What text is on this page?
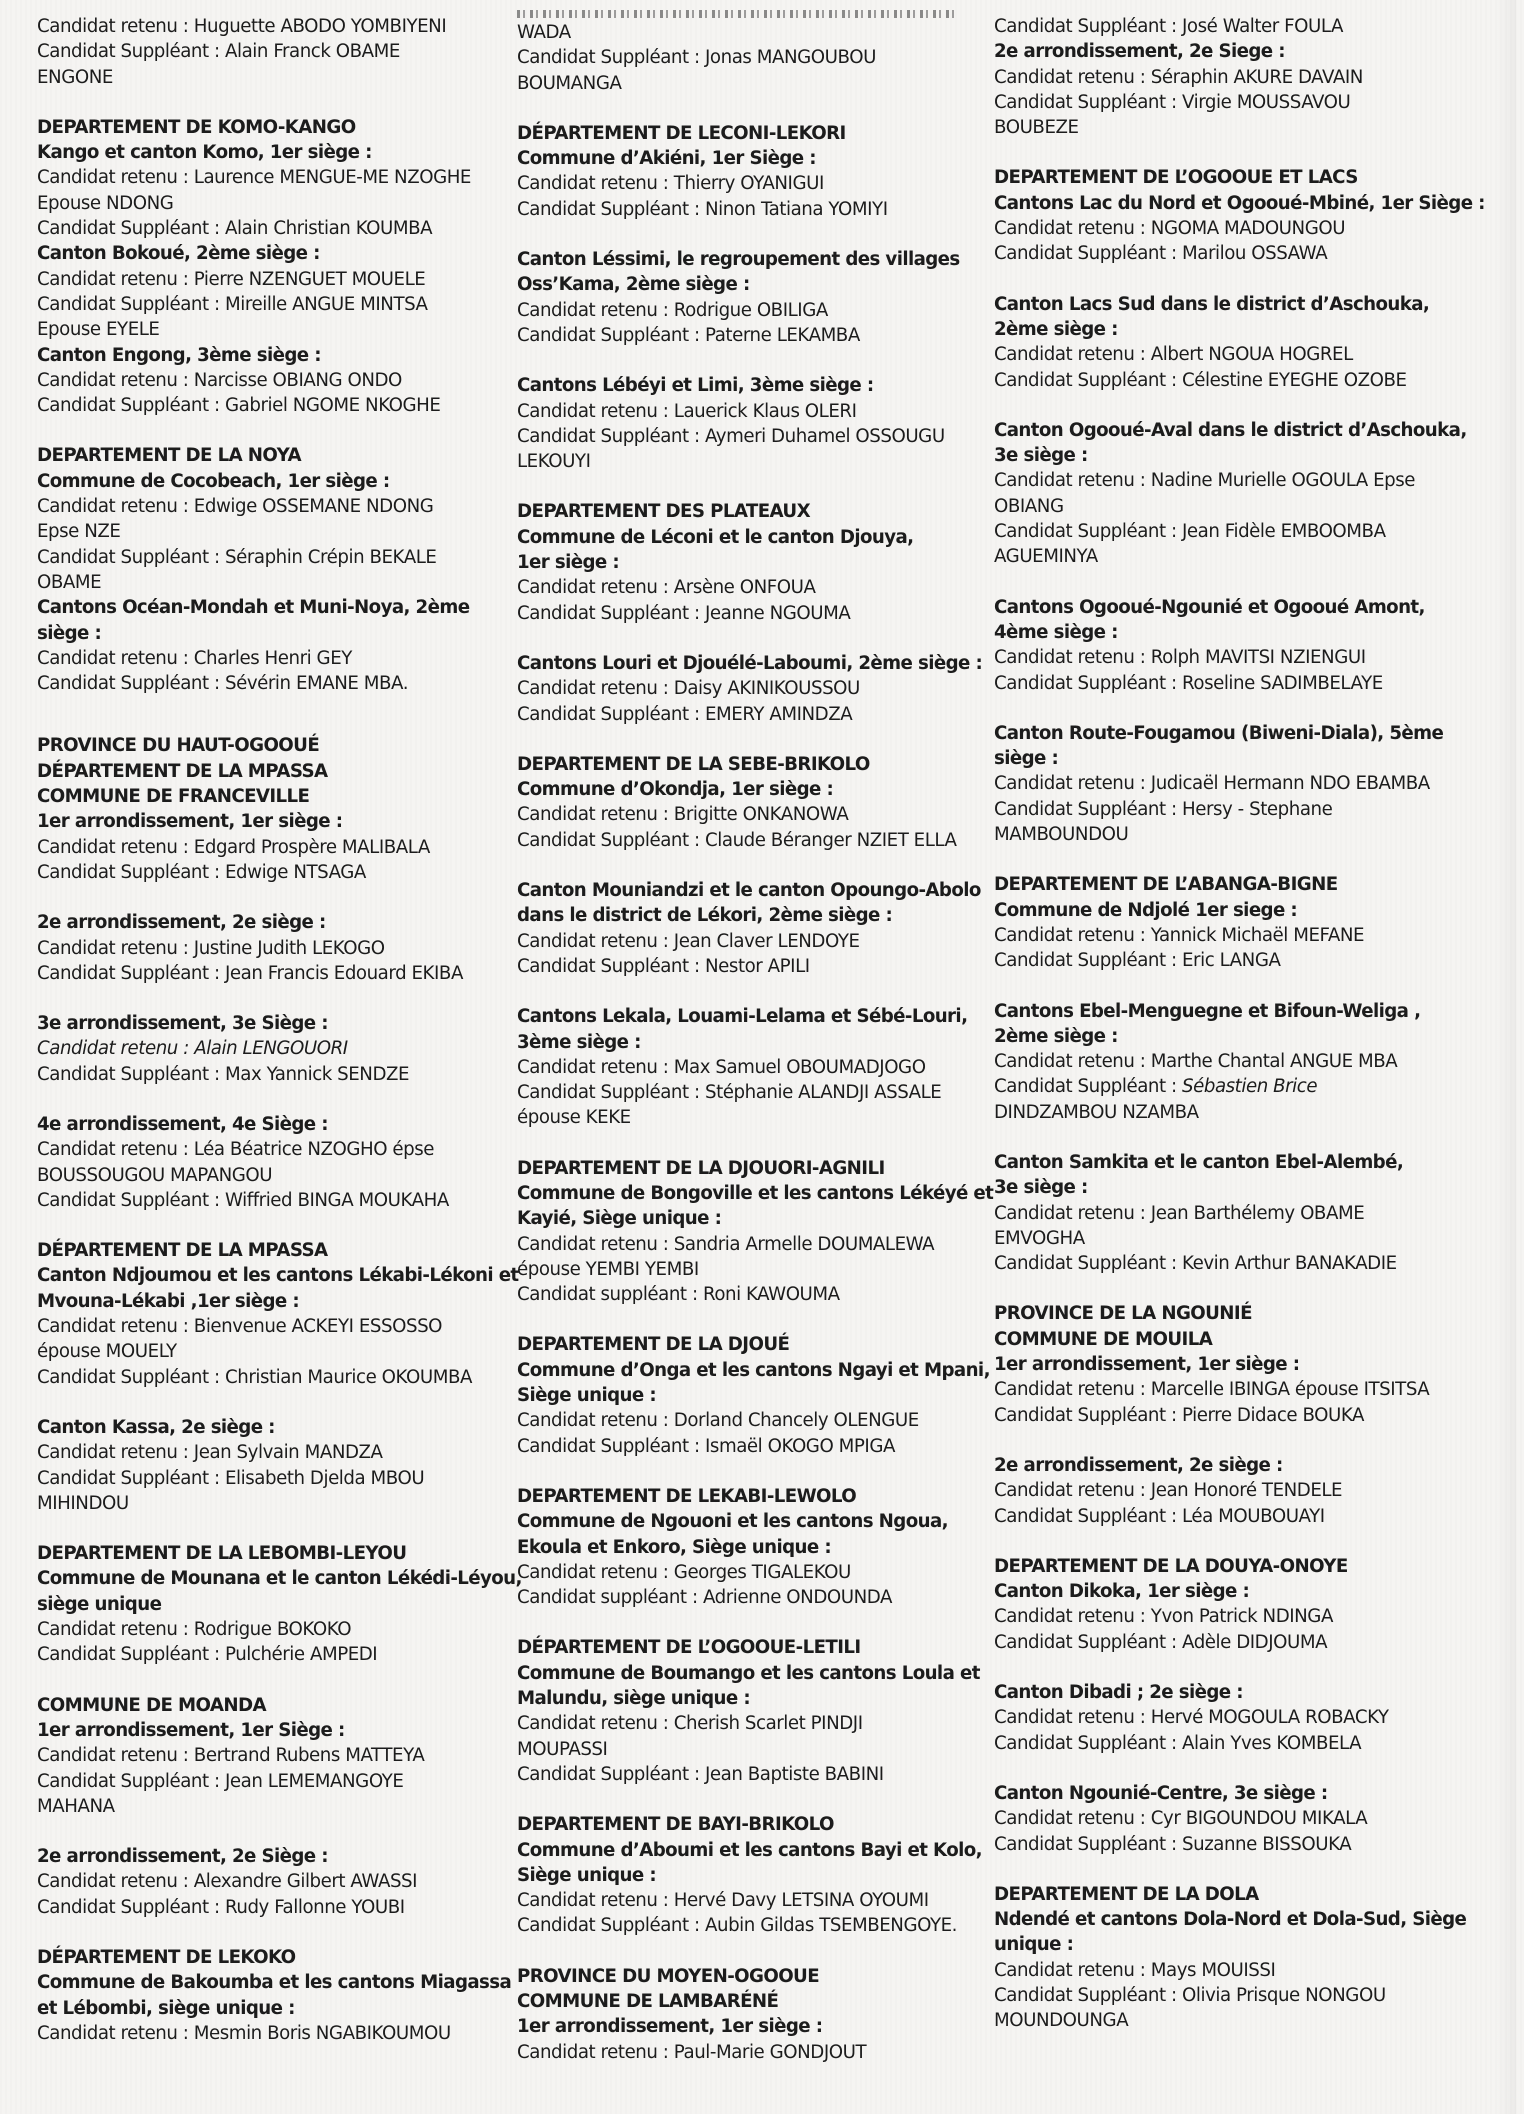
Candidat retenu : Huguette ABODO YOMBIYENI
Candidat Suppléant : Alain Franck OBAME
ENGONE
DEPARTEMENT DE KOMO-KANGO
Kango et canton Komo, 1er siège :
Candidat retenu : Laurence MENGUE-ME NZOGHE
Epouse NDONG
Candidat Suppléant : Alain Christian KOUMBA
Canton Bokoué, 2ème siège :
Candidat retenu : Pierre NZENGUET MOUELE
Candidat Suppléant : Mireille ANGUE MINTSA
Epouse EYELE
Canton Engong, 3ème siège :
Candidat retenu : Narcisse OBIANG ONDO
Candidat Suppléant : Gabriel NGOME NKOGHE
DEPARTEMENT DE LA NOYA
Commune de Cocobeach, 1er siège :
Candidat retenu : Edwige OSSEMANE NDONG
Epse NZE
Candidat Suppléant : Séraphin Crépin BEKALE
OBAME
Cantons Océan-Mondah et Muni-Noya, 2ème
siège :
Candidat retenu : Charles Henri GEY
Candidat Suppléant : Sévérin EMANE MBA.
PROVINCE DU HAUT-OGOOUÉ
DÉPARTEMENT DE LA MPASSA
COMMUNE DE FRANCEVILLE
1er arrondissement, 1er siège :
Candidat retenu : Edgard Prospère MALIBALA
Candidat Suppléant : Edwige NTSAGA
2e arrondissement, 2e siège :
Candidat retenu : Justine Judith LEKOGO
Candidat Suppléant : Jean Francis Edouard EKIBA
3e arrondissement, 3e Siège :
Candidat retenu : Alain LENGOUORI
Candidat Suppléant : Max Yannick SENDZE
4e arrondissement, 4e Siège :
Candidat retenu : Léa Béatrice NZOGHO épse
BOUSSOUGOU MAPANGOU
Candidat Suppléant : Wiffried BINGA MOUKAHA
DÉPARTEMENT DE LA MPASSA
Canton Ndjoumou et les cantons Lékabi-Lékoni et
Mvouna-Lékabi ,1er siège :
Candidat retenu : Bienvenue ACKEYI ESSOSSO
épouse MOUELY
Candidat Suppléant : Christian Maurice OKOUMBA
Canton Kassa, 2e siège :
Candidat retenu : Jean Sylvain MANDZA
Candidat Suppléant : Elisabeth Djelda MBOU
MIHINDOU
DEPARTEMENT DE LA LEBOMBI-LEYOU
Commune de Mounana et le canton Lékédi-Léyou,
siège unique
Candidat retenu : Rodrigue BOKOKO
Candidat Suppléant : Pulchérie AMPEDI
COMMUNE DE MOANDA
1er arrondissement, 1er Siège :
Candidat retenu : Bertrand Rubens MATTEYA
Candidat Suppléant : Jean LEMEMANGOYE
MAHANA
2e arrondissement, 2e Siège :
Candidat retenu : Alexandre Gilbert AWASSI
Candidat Suppléant : Rudy Fallonne YOUBI
DÉPARTEMENT DE LEKOKO
Commune de Bakoumba et les cantons Miagassa
et Lébombi, siège unique :
Candidat retenu : Mesmin Boris NGABIKOUMOU
WADA
Candidat Suppléant : Jonas MANGOUBOU
BOUMANGA
DÉPARTEMENT DE LECONI-LEKORI
Commune d’Akiéni, 1er Siège :
Candidat retenu : Thierry OYANIGUI
Candidat Suppléant : Ninon Tatiana YOMIYI
Canton Léssimi, le regroupement des villages
Oss’Kama, 2ème siège :
Candidat retenu : Rodrigue OBILIGA
Candidat Suppléant : Paterne LEKAMBA
Cantons Lébéyi et Limi, 3ème siège :
Candidat retenu : Lauerick Klaus OLERI
Candidat Suppléant : Aymeri Duhamel OSSOUGU
LEKOUYI
DEPARTEMENT DES PLATEAUX
Commune de Léconi et le canton Djouya,
1er siège :
Candidat retenu : Arsène ONFOUA
Candidat Suppléant : Jeanne NGOUMA
Cantons Louri et Djouélé-Laboumi, 2ème siège :
Candidat retenu : Daisy AKINIKOUSSOU
Candidat Suppléant : EMERY AMINDZA
DEPARTEMENT DE LA SEBE-BRIKOLO
Commune d’Okondja, 1er siège :
Candidat retenu : Brigitte ONKANOWA
Candidat Suppléant : Claude Béranger NZIET ELLA
Canton Mouniandzi et le canton Opoungo-Abolo
dans le district de Lékori, 2ème siège :
Candidat retenu : Jean Claver LENDOYE
Candidat Suppléant : Nestor APILI
Cantons Lekala, Louami-Lelama et Sébé-Louri,
3ème siège :
Candidat retenu : Max Samuel OBOUMADJOGO
Candidat Suppléant : Stéphanie ALANDJI ASSALE
épouse KEKE
DEPARTEMENT DE LA DJOUORI-AGNILI
Commune de Bongoville et les cantons Lékéyé et
Kayié, Siège unique :
Candidat retenu : Sandria Armelle DOUMALEWA
épouse YEMBI YEMBI
Candidat suppléant : Roni KAWOUMA
DEPARTEMENT DE LA DJOUÉ
Commune d’Onga et les cantons Ngayi et Mpani,
Siège unique :
Candidat retenu : Dorland Chancely OLENGUE
Candidat Suppléant : Ismaël OKOGO MPIGA
DEPARTEMENT DE LEKABI-LEWOLO
Commune de Ngouoni et les cantons Ngoua,
Ekoula et Enkoro, Siège unique :
Candidat retenu : Georges TIGALEKOU
Candidat suppléant : Adrienne ONDOUNDA
DÉPARTEMENT DE L’OGOOUE-LETILI
Commune de Boumango et les cantons Loula et
Malundu, siège unique :
Candidat retenu : Cherish Scarlet PINDJI
MOUPASSI
Candidat Suppléant : Jean Baptiste BABINI
DEPARTEMENT DE BAYI-BRIKOLO
Commune d’Aboumi et les cantons Bayi et Kolo,
Siège unique :
Candidat retenu : Hervé Davy LETSINA OYOUMI
Candidat Suppléant : Aubin Gildas TSEMBENGOYE.
PROVINCE DU MOYEN-OGOOUE
COMMUNE DE LAMBARÉNÉ
1er arrondissement, 1er siège :
Candidat retenu : Paul-Marie GONDJOUT
Candidat Suppléant : José Walter FOULA
2e arrondissement, 2e Siege :
Candidat retenu : Séraphin AKURE DAVAIN
Candidat Suppléant : Virgie MOUSSAVOU
BOUBEZE
DEPARTEMENT DE L’OGOOUE ET LACS
Cantons Lac du Nord et Ogooué-Mbiné, 1er Siège :
Candidat retenu : NGOMA MADOUNGOU
Candidat Suppléant : Marilou OSSAWA
Canton Lacs Sud dans le district d’Aschouka,
2ème siège :
Candidat retenu : Albert NGOUA HOGREL
Candidat Suppléant : Célestine EYEGHE OZOBE
Canton Ogooué-Aval dans le district d’Aschouka,
3e siège :
Candidat retenu : Nadine Murielle OGOULA Epse
OBIANG
Candidat Suppléant : Jean Fidèle EMBOOMBA
AGUEMINYA
Cantons Ogooué-Ngounié et Ogooué Amont,
4ème siège :
Candidat retenu : Rolph MAVITSI NZIENGUI
Candidat Suppléant : Roseline SADIMBELAYE
Canton Route-Fougamou (Biweni-Diala), 5ème
siège :
Candidat retenu : Judicaël Hermann NDO EBAMBA
Candidat Suppléant : Hersy - Stephane
MAMBOUNDOU
DEPARTEMENT DE L’ABANGA-BIGNE
Commune de Ndjolé 1er siege :
Candidat retenu : Yannick Michaël MEFANE
Candidat Suppléant : Eric LANGA
Cantons Ebel-Menguegne et Bifoun-Weliga ,
2ème siège :
Candidat retenu : Marthe Chantal ANGUE MBA
Candidat Suppléant : Sébastien Brice
DINDZAMBOU NZAMBA
Canton Samkita et le canton Ebel-Alembé,
3e siège :
Candidat retenu : Jean Barthélemy OBAME
EMVOGHA
Candidat Suppléant : Kevin Arthur BANAKADIE
PROVINCE DE LA NGOUNIÉ
COMMUNE DE MOUILA
1er arrondissement, 1er siège :
Candidat retenu : Marcelle IBINGA épouse ITSITSA
Candidat Suppléant : Pierre Didace BOUKA
2e arrondissement, 2e siège :
Candidat retenu : Jean Honoré TENDELE
Candidat Suppléant : Léa MOUBOUAYI
DEPARTEMENT DE LA DOUYA-ONOYE
Canton Dikoka, 1er siège :
Candidat retenu : Yvon Patrick NDINGA
Candidat Suppléant : Adèle DIDJOUMA
Canton Dibadi ; 2e siège :
Candidat retenu : Hervé MOGOULA ROBACKY
Candidat Suppléant : Alain Yves KOMBELA
Canton Ngounié-Centre, 3e siège :
Candidat retenu : Cyr BIGOUNDOU MIKALA
Candidat Suppléant : Suzanne BISSOUKA
DEPARTEMENT DE LA DOLA
Ndendé et cantons Dola-Nord et Dola-Sud, Siège
unique :
Candidat retenu : Mays MOUISSI
Candidat Suppléant : Olivia Prisque NONGOU
MOUNDOUNGA
